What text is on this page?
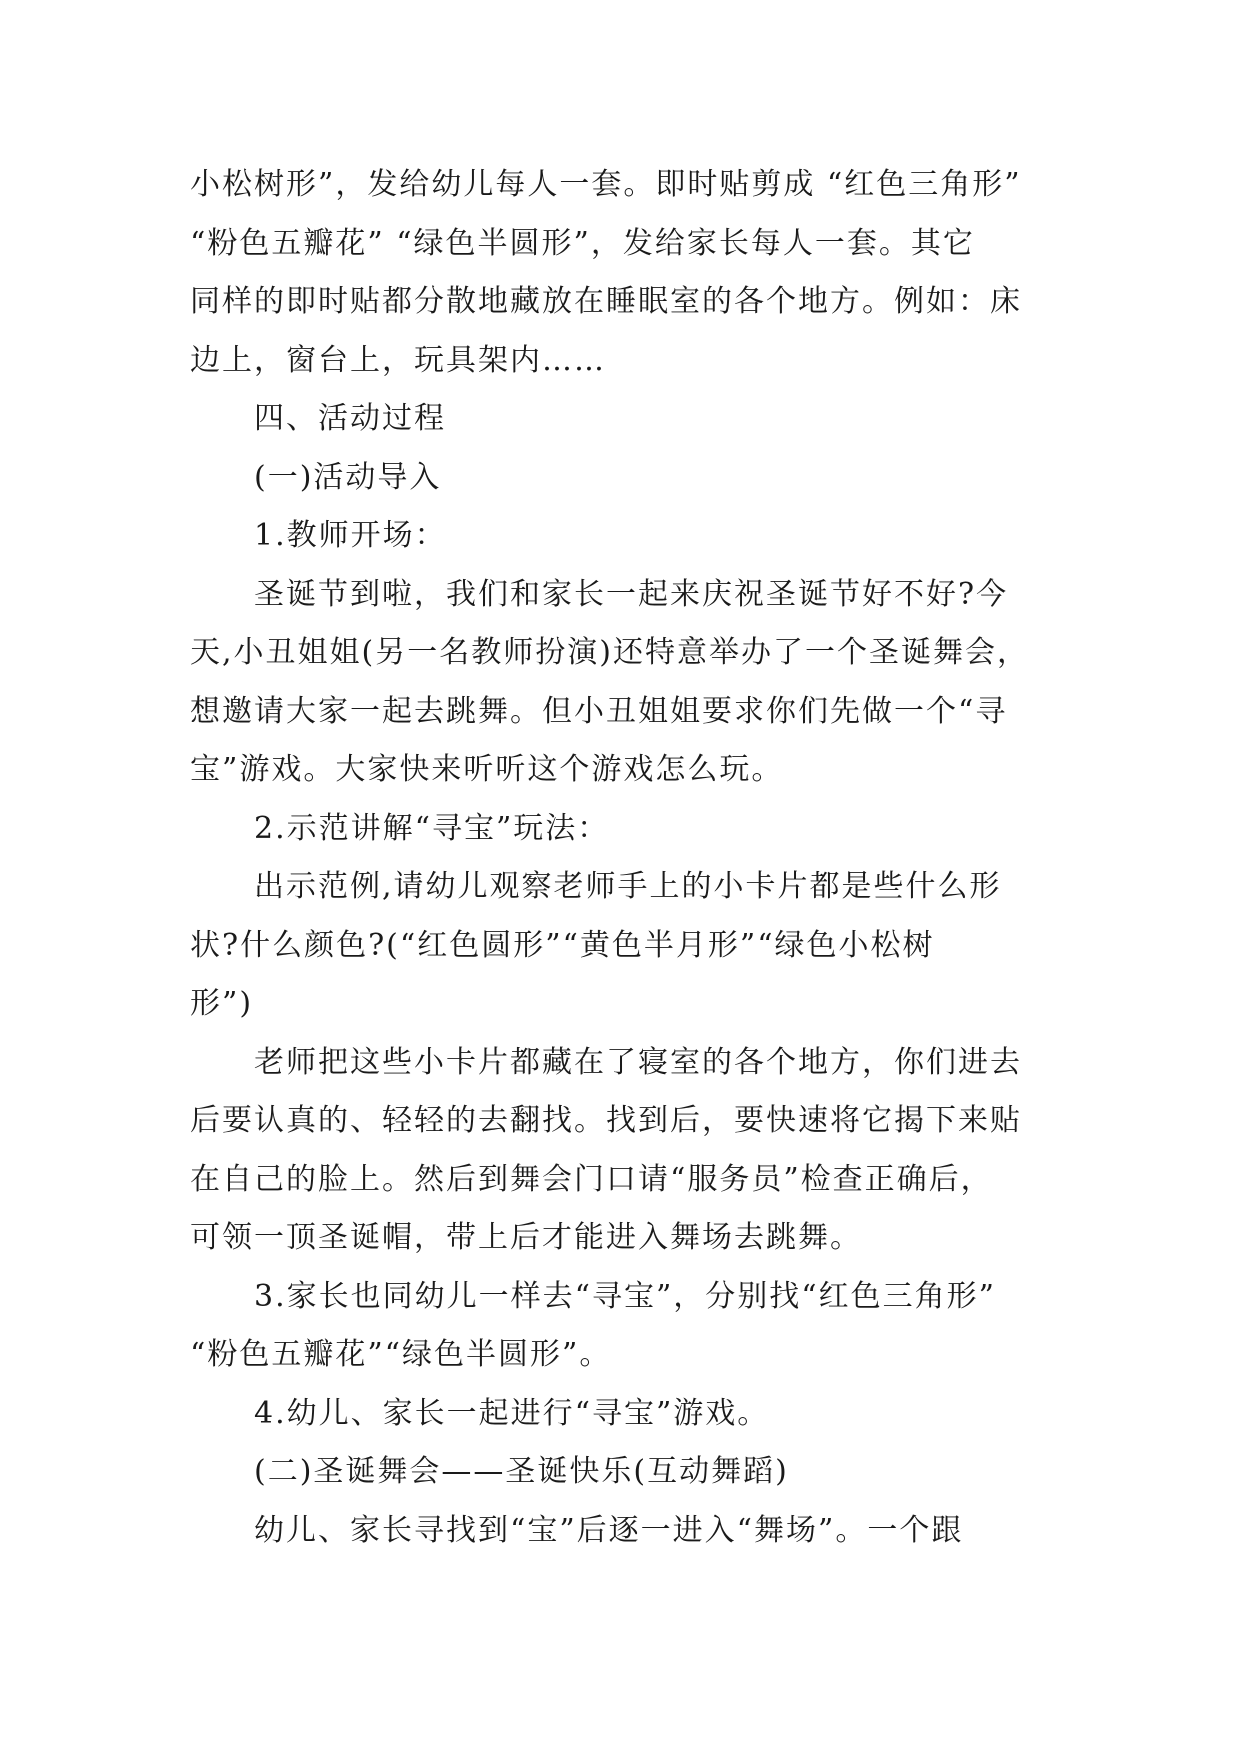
小松树形”，发给幼儿每人一套。即时贴剪成 “红色三角形”
“粉色五瓣花” “绿色半圆形”，发给家长每人一套。其它
同样的即时贴都分散地藏放在睡眠室的各个地方。例如：床
边上，窗台上，玩具架内……
四、活动过程
(一)活动导入
1.教师开场：
圣诞节到啦，我们和家长一起来庆祝圣诞节好不好?今
天,小丑姐姐(另一名教师扮演)还特意举办了一个圣诞舞会，
想邀请大家一起去跳舞。但小丑姐姐要求你们先做一个“寻
宝”游戏。大家快来听听这个游戏怎么玩。
2.示范讲解“寻宝”玩法：
出示范例,请幼儿观察老师手上的小卡片都是些什么形
状?什么颜色?(“红色圆形”“黄色半月形”“绿色小松树
形”)
老师把这些小卡片都藏在了寝室的各个地方，你们进去
后要认真的、轻轻的去翻找。找到后，要快速将它揭下来贴
在自己的脸上。然后到舞会门口请“服务员”检查正确后，
可领一顶圣诞帽，带上后才能进入舞场去跳舞。
3.家长也同幼儿一样去“寻宝”，分别找“红色三角形”
“粉色五瓣花”“绿色半圆形”。
4.幼儿、家长一起进行“寻宝”游戏。
(二)圣诞舞会——圣诞快乐(互动舞蹈)
幼儿、家长寻找到“宝”后逐一进入“舞场”。一个跟
